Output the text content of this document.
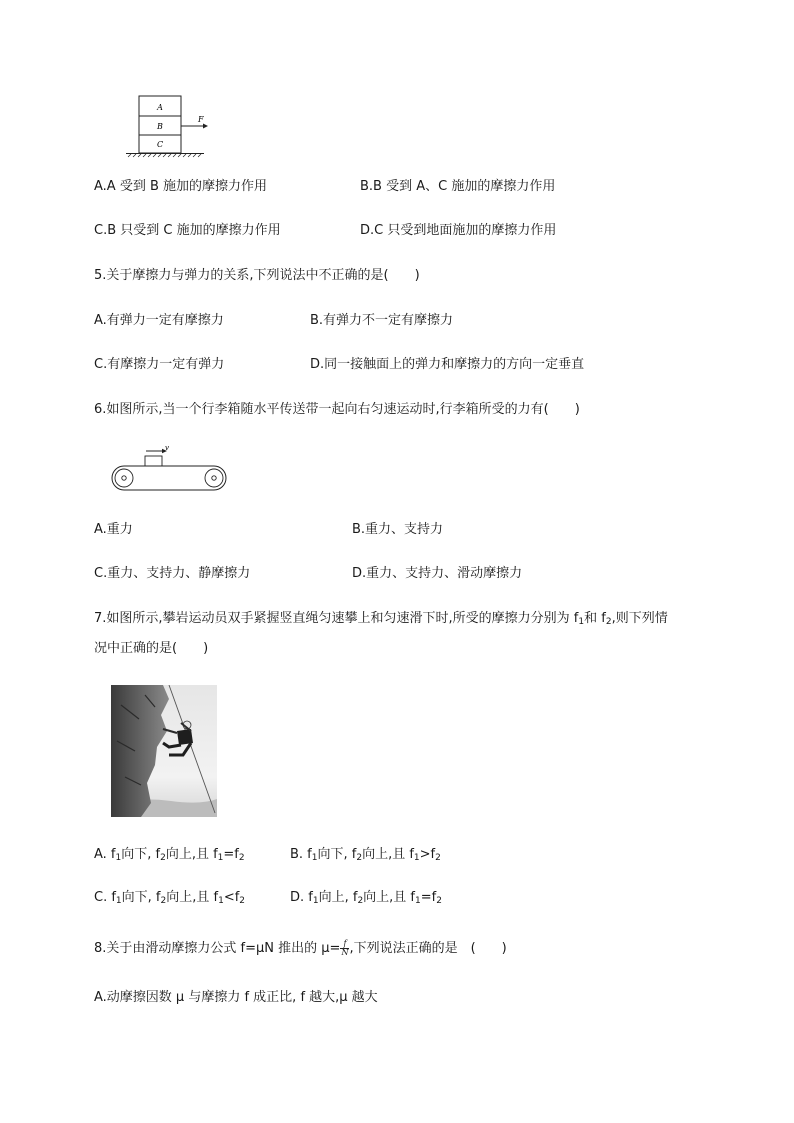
A
B
C
F
A.A 受到 B 施加的摩擦力作用	B.B 受到 A、C 施加的摩擦力作用
C.B 只受到 C 施加的摩擦力作用	D.C 只受到地面施加的摩擦力作用
5.关于摩擦力与弹力的关系,下列说法中不正确的是(　　)
A.有弹力一定有摩擦力	B.有弹力不一定有摩擦力
C.有摩擦力一定有弹力	D.同一接触面上的弹力和摩擦力的方向一定垂直
6.如图所示,当一个行李箱随水平传送带一起向右匀速运动时,行李箱所受的力有(　　)
v
A.重力	B.重力、支持力
C.重力、支持力、静摩擦力	D.重力、支持力、滑动摩擦力
7.如图所示,攀岩运动员双手紧握竖直绳匀速攀上和匀速滑下时,所受的摩擦力分别为 $f_1$和 $f_2$,则下列情
况中正确的是(　　)
A. $f_1$向下, $f_2$向上,且 $f_1=f_2$	B. $f_1$向下, $f_2$向上,且 $f_1>f_2$
C. $f_1$向下, $f_2$向上,且 $f_1<f_2$	D. $f_1$向上, $f_2$向上,且 $f_1=f_2$
8.关于由滑动摩擦力公式 f=μN 推出的 $\mu= \frac{f}{N}$ ,下列说法正确的是　(　　)
A.动摩擦因数 μ 与摩擦力 f 成正比, f 越大,μ 越大
